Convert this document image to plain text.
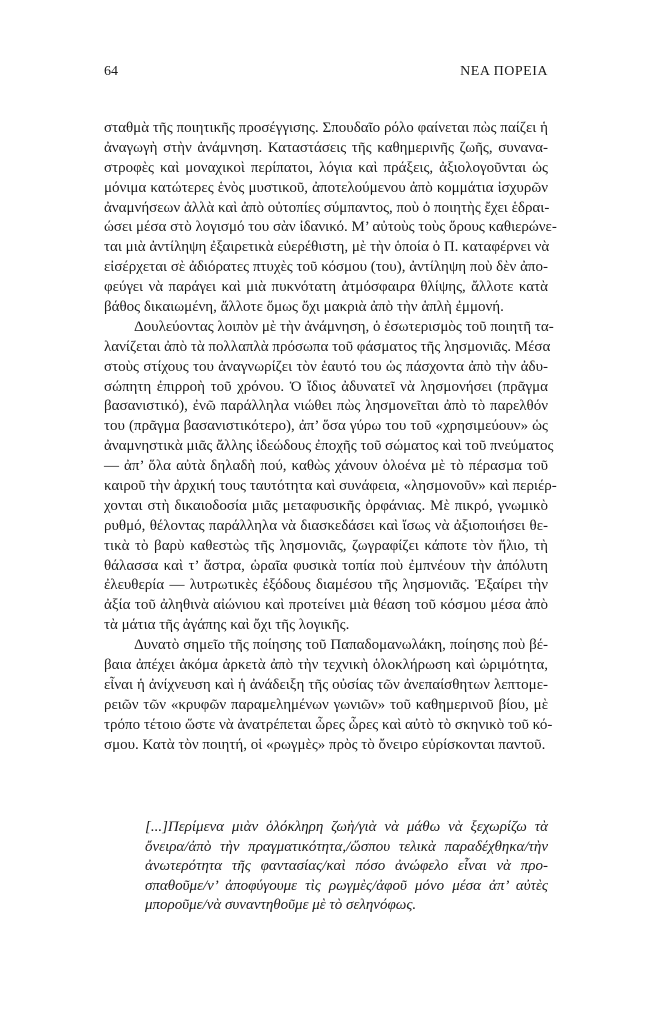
64	ΝΕΑ ΠΟΡΕΙΑ
σταθμὰ τῆς ποιητικῆς προσέγγισης. Σπουδαῖο ρόλο φαίνεται πὼς παίζει ἡ
ἀναγωγὴ στὴν ἀνάμνηση. Καταστάσεις τῆς καθημερινῆς ζωῆς, συνανα-
στροφὲς καὶ μοναχικοὶ περίπατοι, λόγια καὶ πράξεις, ἀξιολογοῦνται ὡς
μόνιμα κατώτερες ἑνὸς μυστικοῦ, ἀποτελούμενου ἀπὸ κομμάτια ἰσχυρῶν
ἀναμνήσεων ἀλλὰ καὶ ἀπὸ οὐτοπίες σύμπαντος, ποὺ ὁ ποιητὴς ἔχει ἑδραι-
ώσει μέσα στὸ λογισμό του σὰν ἰδανικό. Μ’ αὐτοὺς τοὺς ὅρους καθιερώνε-
ται μιὰ ἀντίληψη ἐξαιρετικὰ εὐερέθιστη, μὲ τὴν ὁποία ὁ Π. καταφέρνει νὰ
εἰσέρχεται σὲ ἀδιόρατες πτυχὲς τοῦ κόσμου (του), ἀντίληψη ποὺ δὲν ἀπο-
φεύγει νὰ παράγει καὶ μιὰ πυκνότατη ἀτμόσφαιρα θλίψης, ἄλλοτε κατὰ
βάθος δικαιωμένη, ἄλλοτε ὅμως ὄχι μακριὰ ἀπὸ τὴν ἁπλὴ ἐμμονή.
Δουλεύοντας λοιπὸν μὲ τὴν ἀνάμνηση, ὁ ἐσωτερισμὸς τοῦ ποιητῆ τα-
λανίζεται ἀπὸ τὰ πολλαπλὰ πρόσωπα τοῦ φάσματος τῆς λησμονιᾶς. Μέσα
στοὺς στίχους του ἀναγνωρίζει τὸν ἑαυτό του ὡς πάσχοντα ἀπὸ τὴν ἀδυ-
σώπητη ἐπιρροὴ τοῦ χρόνου. Ὁ ἴδιος ἀδυνατεῖ νὰ λησμονήσει (πρᾶγμα
βασανιστικό), ἐνῶ παράλληλα νιώθει πὼς λησμονεῖται ἀπὸ τὸ παρελθόν
του (πρᾶγμα βασανιστικότερο), ἀπ’ ὅσα γύρω του τοῦ «χρησιμεύουν» ὡς
ἀναμνηστικὰ μιᾶς ἄλλης ἰδεώδους ἐποχῆς τοῦ σώματος καὶ τοῦ πνεύματος
— ἀπ’ ὅλα αὐτὰ δηλαδὴ πού, καθὼς χάνουν ὁλοένα μὲ τὸ πέρασμα τοῦ
καιροῦ τὴν ἀρχική τους ταυτότητα καὶ συνάφεια, «λησμονοῦν» καὶ περιέρ-
χονται στὴ δικαιοδοσία μιᾶς μεταφυσικῆς ὀρφάνιας. Μὲ πικρό, γνωμικὸ
ρυθμό, θέλοντας παράλληλα νὰ διασκεδάσει καὶ ἴσως νὰ ἀξιοποιήσει θε-
τικὰ τὸ βαρὺ καθεστὼς τῆς λησμονιᾶς, ζωγραφίζει κάποτε τὸν ἥλιο, τὴ
θάλασσα καὶ τ’ ἄστρα, ὡραῖα φυσικὰ τοπία ποὺ ἐμπνέουν τὴν ἀπόλυτη
ἐλευθερία — λυτρωτικὲς ἐξόδους διαμέσου τῆς λησμονιᾶς. Ἐξαίρει τὴν
ἀξία τοῦ ἀληθινὰ αἰώνιου καὶ προτείνει μιὰ θέαση τοῦ κόσμου μέσα ἀπὸ
τὰ μάτια τῆς ἀγάπης καὶ ὄχι τῆς λογικῆς.
Δυνατὸ σημεῖο τῆς ποίησης τοῦ Παπαδομανωλάκη, ποίησης ποὺ βέ-
βαια ἀπέχει ἀκόμα ἀρκετὰ ἀπὸ τὴν τεχνικὴ ὁλοκλήρωση καὶ ὡριμότητα,
εἶναι ἡ ἀνίχνευση καὶ ἡ ἀνάδειξη τῆς οὐσίας τῶν ἀνεπαίσθητων λεπτομε-
ρειῶν τῶν «κρυφῶν παραμελημένων γωνιῶν» τοῦ καθημερινοῦ βίου, μὲ
τρόπο τέτοιο ὥστε νὰ ἀνατρέπεται ὧρες ὧρες καὶ αὐτὸ τὸ σκηνικὸ τοῦ κό-
σμου. Κατὰ τὸν ποιητή, οἱ «ρωγμὲς» πρὸς τὸ ὄνειρο εὑρίσκονται παντοῦ.
[...]Περίμενα μιὰν ὁλόκληρη ζωὴ/γιὰ νὰ μάθω νὰ ξεχωρίζω τὰ
ὄνειρα/ἀπὸ τὴν πραγματικότητα,/ὥσπου τελικὰ παραδέχθηκα/τὴν
ἀνωτερότητα τῆς φαντασίας/καὶ πόσο ἀνώφελο εἶναι νὰ προ-
σπαθοῦμε/ν’ ἀποφύγουμε τὶς ρωγμὲς/ἀφοῦ μόνο μέσα ἀπ’ αὐτὲς
μποροῦμε/νὰ συναντηθοῦμε μὲ τὸ σεληνόφως.
